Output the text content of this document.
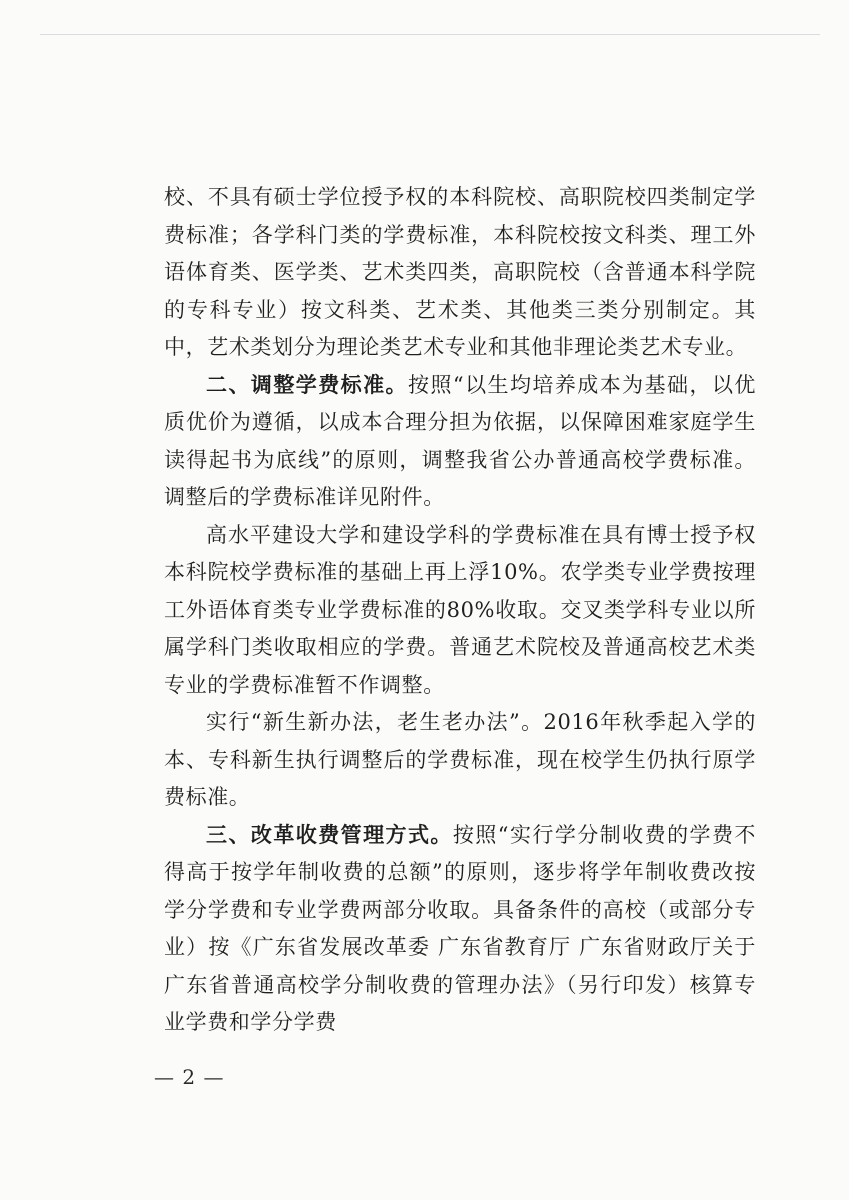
校、不具有硕士学位授予权的本科院校、高职院校四类制定学费标准；各学科门类的学费标准，本科院校按文科类、理工外语体育类、医学类、艺术类四类，高职院校（含普通本科学院的专科专业）按文科类、艺术类、其他类三类分别制定。其中，艺术类划分为理论类艺术专业和其他非理论类艺术专业。

二、调整学费标准。按照“以生均培养成本为基础，以优质优价为遵循，以成本合理分担为依据，以保障困难家庭学生读得起书为底线”的原则，调整我省公办普通高校学费标准。调整后的学费标准详见附件。

高水平建设大学和建设学科的学费标准在具有博士授予权本科院校学费标准的基础上再上浮10%。农学类专业学费按理工外语体育类专业学费标准的80%收取。交叉类学科专业以所属学科门类收取相应的学费。普通艺术院校及普通高校艺术类专业的学费标准暂不作调整。

实行“新生新办法，老生老办法”。2016年秋季起入学的本、专科新生执行调整后的学费标准，现在校学生仍执行原学费标准。

三、改革收费管理方式。按照“实行学分制收费的学费不得高于按学年制收费的总额”的原则，逐步将学年制收费改按学分学费和专业学费两部分收取。具备条件的高校（或部分专业）按《广东省发展改革委 广东省教育厅 广东省财政厅关于广东省普通高校学分制收费的管理办法》（另行印发）核算专业学费和学分学费

— 2 —
